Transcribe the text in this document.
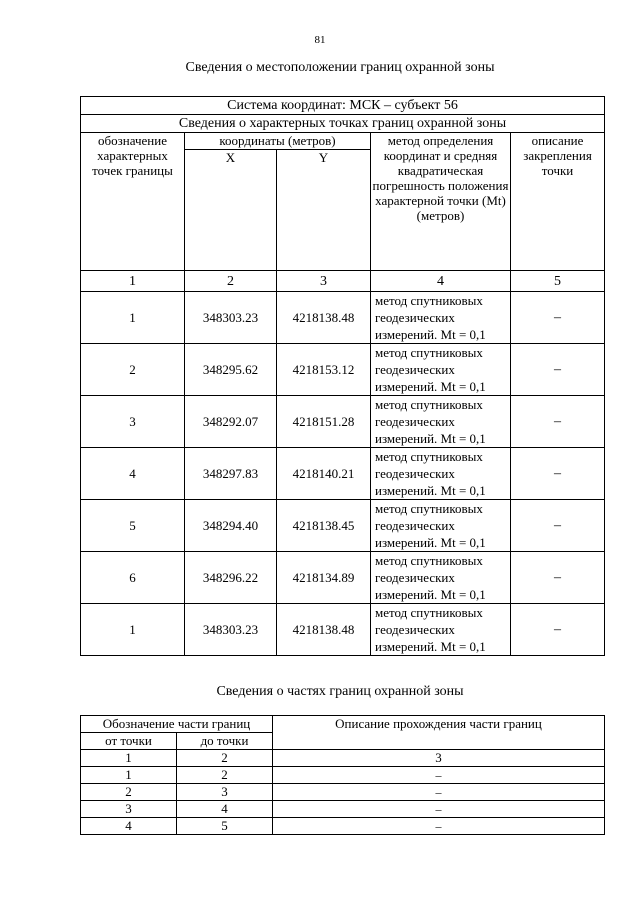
81
Сведения о местоположении границ охранной зоны
Система координат: МСК – субъект 56				
Сведения о характерных точках границ охранной зоны				
обозначение характерных точек границы	координаты (метров)		метод определения координат и средняя квадратическая погрешность положения характерной точки (Mt) (метров)	описание закрепления точки
	X	Y		
1	2	3	4	5
1	348303.23	4218138.48	метод спутниковых геодезических измерений. Mt = 0,1	–
2	348295.62	4218153.12	метод спутниковых геодезических измерений. Mt = 0,1	–
3	348292.07	4218151.28	метод спутниковых геодезических измерений. Mt = 0,1	–
4	348297.83	4218140.21	метод спутниковых геодезических измерений. Mt = 0,1	–
5	348294.40	4218138.45	метод спутниковых геодезических измерений. Mt = 0,1	–
6	348296.22	4218134.89	метод спутниковых геодезических измерений. Mt = 0,1	–
1	348303.23	4218138.48	метод спутниковых геодезических измерений. Mt = 0,1	–
Сведения о частях границ охранной зоны
Обозначение части границ		Описание прохождения части границ
от точки	до точки	
1	2	3
1	2	–
2	3	–
3	4	–
4	5	–
